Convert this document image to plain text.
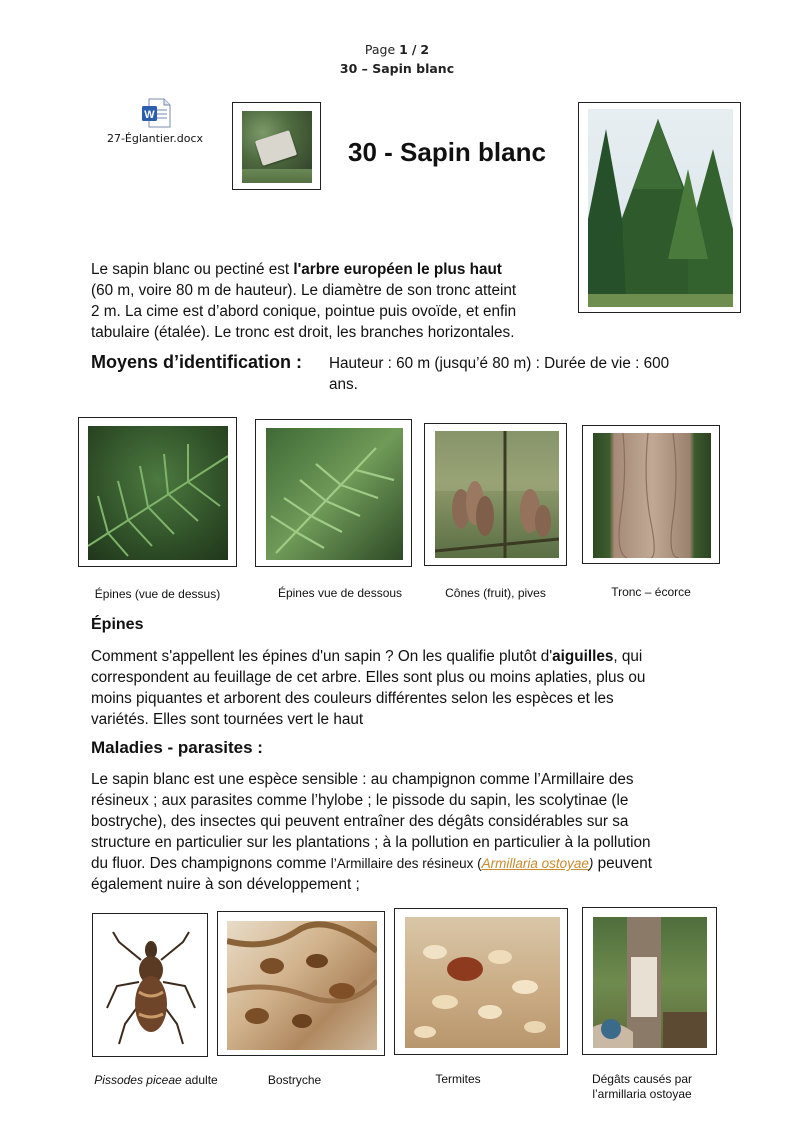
Page 1 / 2
30 – Sapin blanc
W
27-Églantier.docx	30 - Sapin blanc
Le sapin blanc ou pectiné est l'arbre européen le plus haut
(60 m, voire 80 m de hauteur). Le diamètre de son tronc atteint
2 m. La cime est d’abord conique, pointue puis ovoïde, et enfin
tabulaire (étalée). Le tronc est droit, les branches horizontales.
Moyens d’identification : Hauteur : 60 m (jusqu’é 80 m) : Durée de vie : 600
ans.
Épines (vue de dessus)	Épines vue de dessous	Cônes (fruit), pives	Tronc – écorce
Épines
Comment s'appellent les épines d'un sapin ? On les qualifie plutôt d'aiguilles, qui
correspondent au feuillage de cet arbre. Elles sont plus ou moins aplaties, plus ou
moins piquantes et arborent des couleurs différentes selon les espèces et les
variétés. Elles sont tournées vert le haut
Maladies - parasites :
Le sapin blanc est une espèce sensible : au champignon comme l’Armillaire des
résineux ; aux parasites comme l’hylobe ; le pissode du sapin, les scolytinae (le
bostryche), des insectes qui peuvent entraîner des dégâts considérables sur sa
structure en particulier sur les plantations ; à la pollution en particulier à la pollution
du fluor. Des champignons comme l’Armillaire des résineux (Armillaria ostoyae) peuvent
également nuire à son développement ;
Pissodes piceae adulte	Bostryche	Termites	Dégâts causés par
l’armillaria ostoyae
